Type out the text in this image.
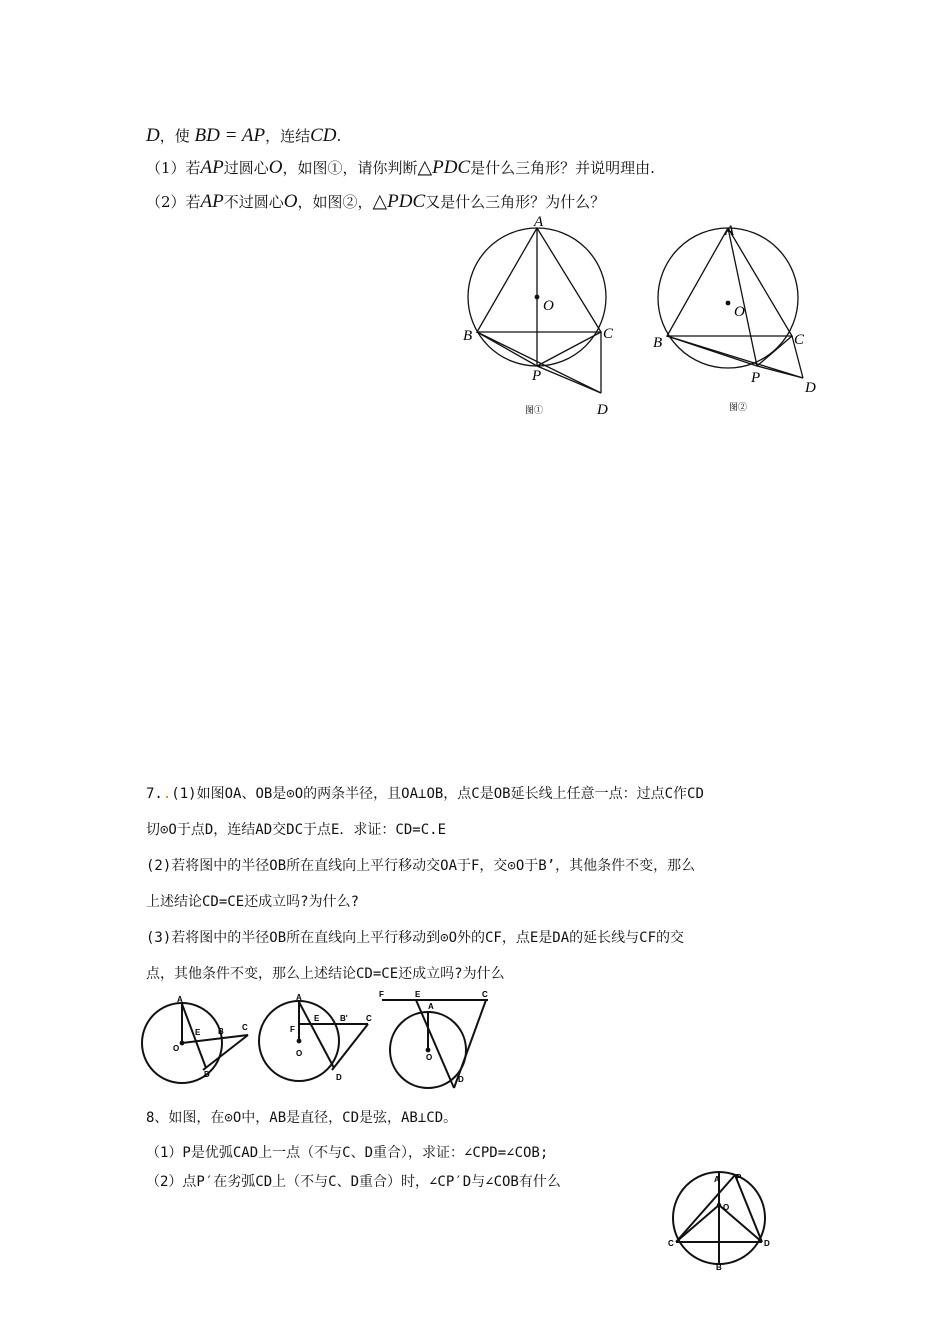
D，使 BD = AP，连结CD.
（1）若AP过圆心O，如图①，请你判断△PDC是什么三角形？并说明理由.
（2）若AP不过圆心O，如图②，△PDC又是什么三角形？为什么？
A
O
B	C
P
D
图①
A
O
B	C
P
D
图②
7..(1)如图OA、OB是⊙O的两条半径，且OA⊥OB，点C是OB延长线上任意一点：过点C作CD
切⊙O于点D，连结AD交DC于点E．求证：CD=C.E
(2)若将图中的半径OB所在直线向上平行移动交OA于F，交⊙O于B’，其他条件不变，那么
上述结论CD=CE还成立吗?为什么?
(3)若将图中的半径OB所在直线向上平行移动到⊙O外的CF，点E是DA的延长线与CF的交
点，其他条件不变，那么上述结论CD=CE还成立吗?为什么
A
O
E B C
D
A
F
O
E	B' C
D
F	E	C
A
O
D
8、如图，在⊙O中，AB是直径，CD是弦，AB⊥CD。
（1）P是优弧CAD上一点（不与C、D重合），求证：∠CPD=∠COB;
（2）点P′在劣弧CD上（不与C、D重合）时，∠CP′D与∠COB有什么	A P
O
C	D
B
